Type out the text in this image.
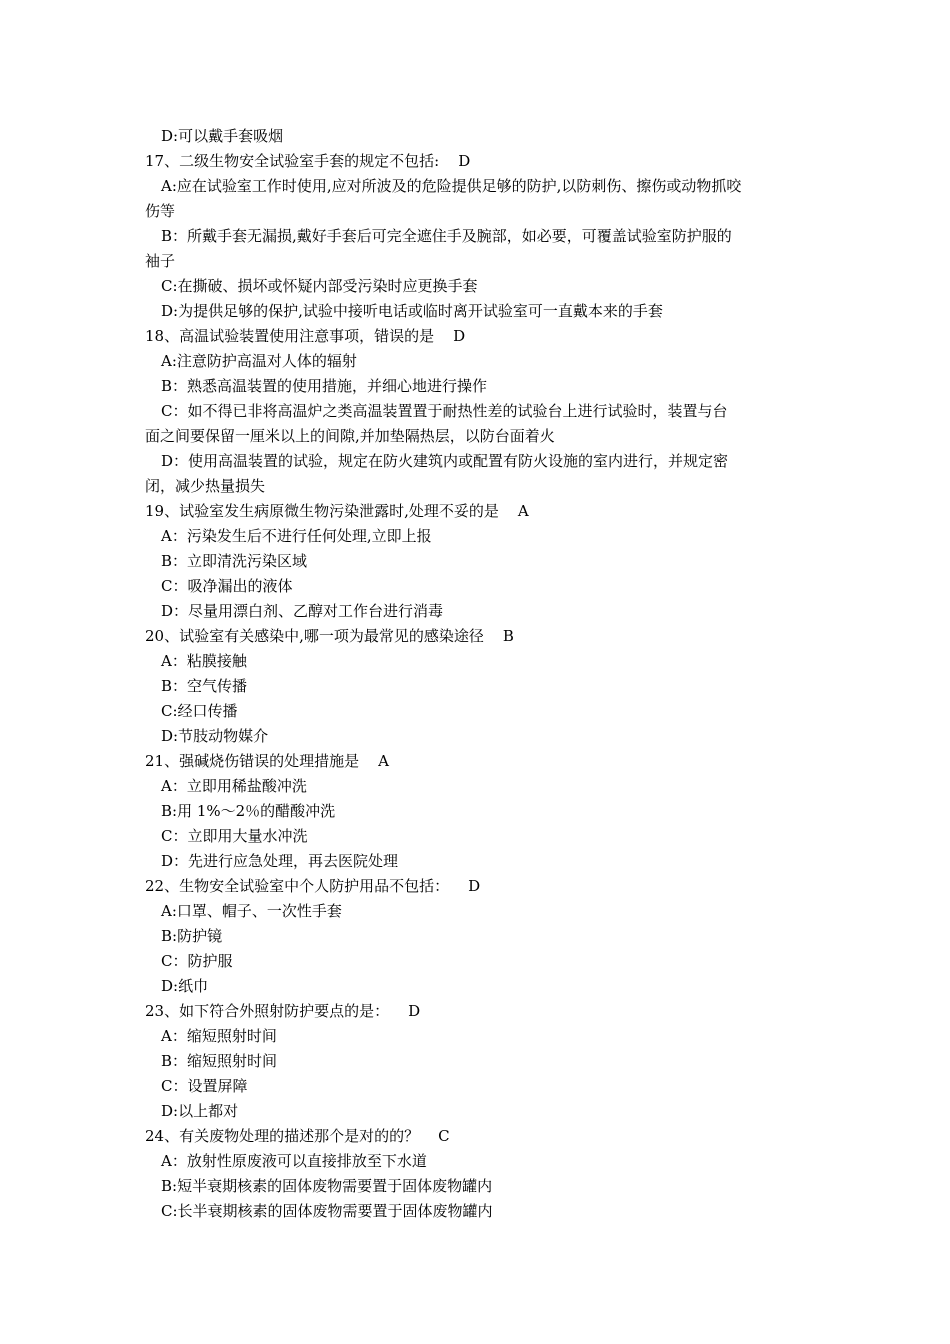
D:可以戴手套吸烟
17、二级生物安全试验室手套的规定不包括:    D
A:应在试验室工作时使用,应对所波及的危险提供足够的防护,以防刺伤、擦伤或动物抓咬
伤等
B：所戴手套无漏损,戴好手套后可完全遮住手及腕部，如必要，可覆盖试验室防护服的
袖子
C:在撕破、损坏或怀疑内部受污染时应更换手套
D:为提供足够的保护,试验中接听电话或临时离开试验室可一直戴本来的手套
18、高温试验装置使用注意事项，错误的是    D
A:注意防护高温对人体的辐射
B：熟悉高温装置的使用措施，并细心地进行操作
C：如不得已非将高温炉之类高温装置置于耐热性差的试验台上进行试验时，装置与台
面之间要保留一厘米以上的间隙,并加垫隔热层，以防台面着火
D：使用高温装置的试验，规定在防火建筑内或配置有防火设施的室内进行，并规定密
闭，减少热量损失
19、试验室发生病原微生物污染泄露时,处理不妥的是    A
A：污染发生后不进行任何处理,立即上报
B：立即清洗污染区域
C：吸净漏出的液体
D：尽量用漂白剂、乙醇对工作台进行消毒
20、试验室有关感染中,哪一项为最常见的感染途径    B
A：粘膜接触
B：空气传播
C:经口传播
D:节肢动物媒介
21、强碱烧伤错误的处理措施是    A
A：立即用稀盐酸冲洗
B:用 1%～2％的醋酸冲洗
C：立即用大量水冲洗
D：先进行应急处理，再去医院处理
22、生物安全试验室中个人防护用品不包括：    D
A:口罩、帽子、一次性手套
B:防护镜
C：防护服
D:纸巾
23、如下符合外照射防护要点的是：    D
A：缩短照射时间
B：缩短照射时间
C：设置屏障
D:以上都对
24、有关废物处理的描述那个是对的的？    C
A：放射性原废液可以直接排放至下水道
B:短半衰期核素的固体废物需要置于固体废物罐内
C:长半衰期核素的固体废物需要置于固体废物罐内
